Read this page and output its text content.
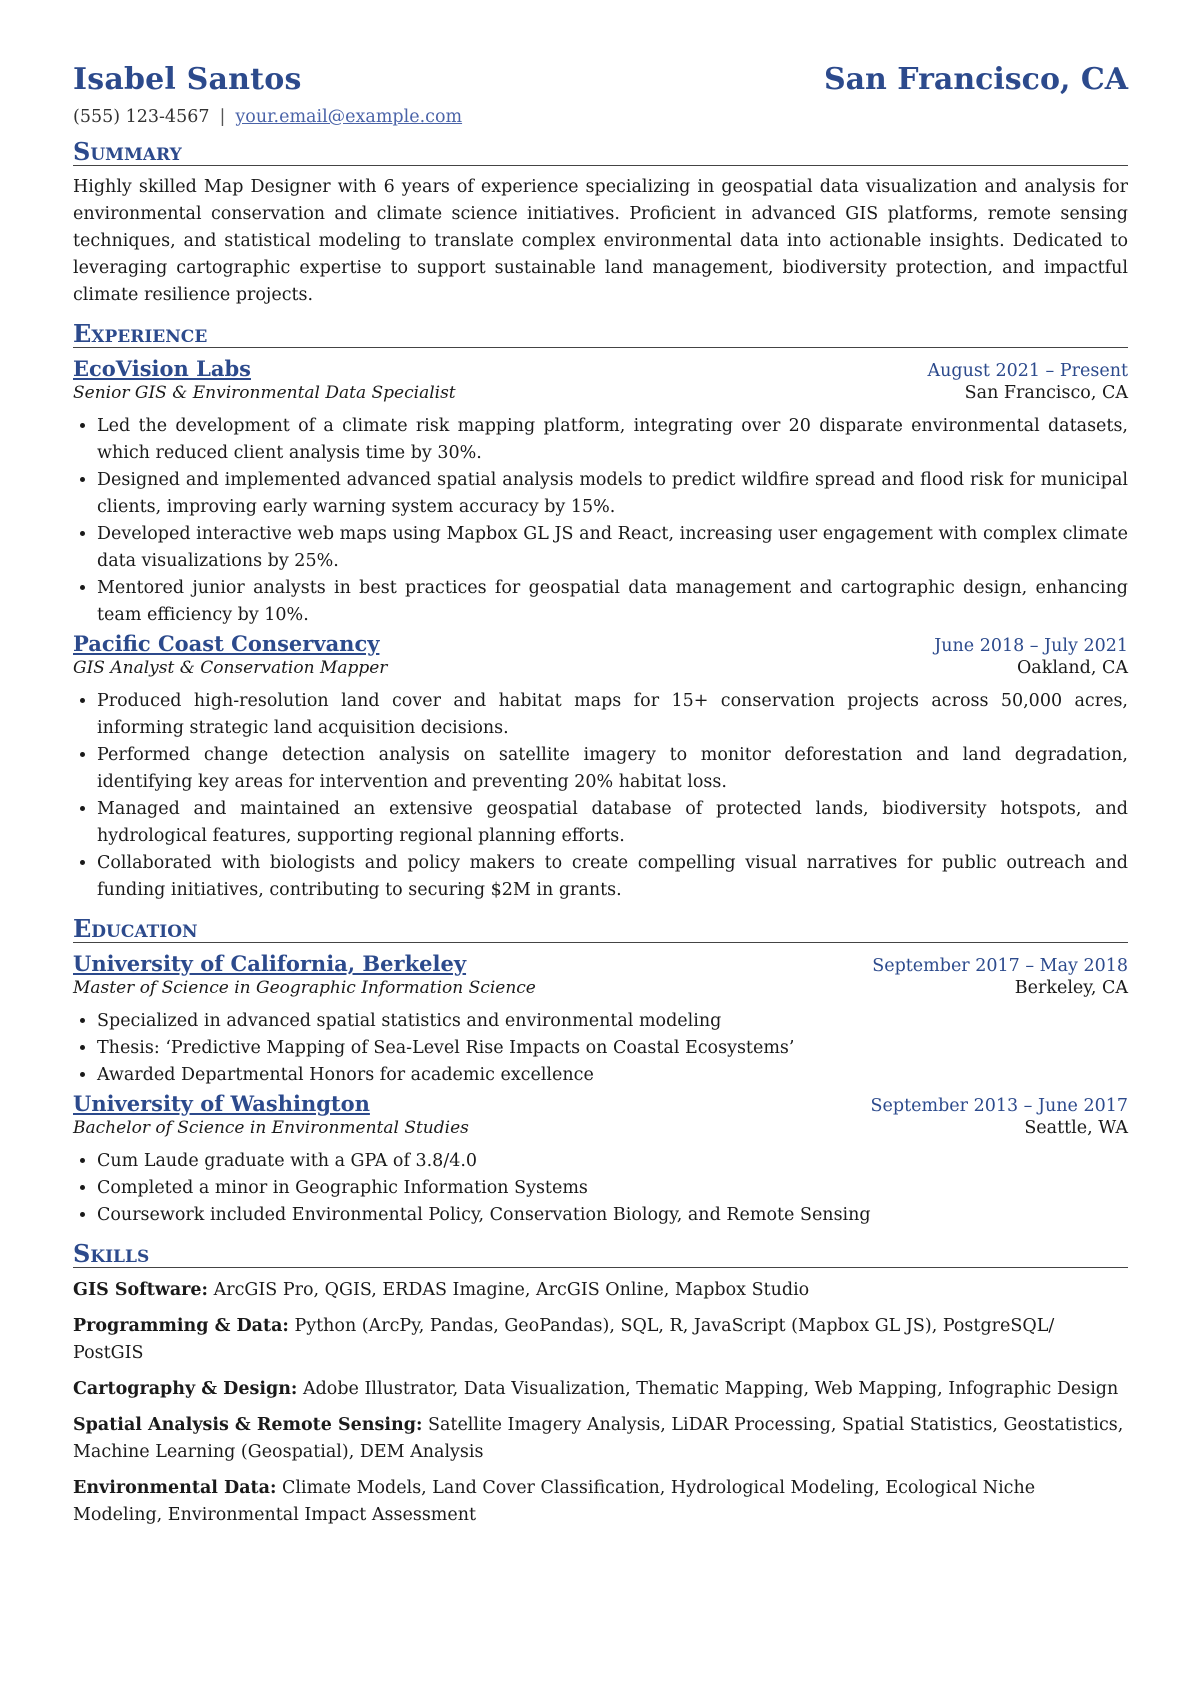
Isabel Santos	San Francisco, CA
(555) 123-4567 | your.email@example.com
Summary
Highly skilled Map Designer with 6 years of experience specializing in geospatial data visualization and analysis for environmental conservation and climate science initiatives. Proficient in advanced GIS platforms, remote sensing techniques, and statistical modeling to translate complex environmental data into actionable insights. Dedicated to leveraging cartographic expertise to support sustainable land management, biodiversity protection, and impactful climate resilience projects.
Experience
EcoVision Labs	August 2021 – Present
Senior GIS & Environmental Data Specialist	San Francisco, CA
• Led the development of a climate risk mapping platform, integrating over 20 disparate environmental datasets, which reduced client analysis time by 30%.
• Designed and implemented advanced spatial analysis models to predict wildfire spread and flood risk for municipal clients, improving early warning system accuracy by 15%.
• Developed interactive web maps using Mapbox GL JS and React, increasing user engagement with complex climate data visualizations by 25%.
• Mentored junior analysts in best practices for geospatial data management and cartographic design, enhancing team efficiency by 10%.
Pacific Coast Conservancy	June 2018 – July 2021
GIS Analyst & Conservation Mapper	Oakland, CA
• Produced high-resolution land cover and habitat maps for 15+ conservation projects across 50,000 acres, informing strategic land acquisition decisions.
• Performed change detection analysis on satellite imagery to monitor deforestation and land degradation, identifying key areas for intervention and preventing 20% habitat loss.
• Managed and maintained an extensive geospatial database of protected lands, biodiversity hotspots, and hydrological features, supporting regional planning efforts.
• Collaborated with biologists and policy makers to create compelling visual narratives for public outreach and funding initiatives, contributing to securing $2M in grants.
Education
University of California, Berkeley	September 2017 – May 2018
Master of Science in Geographic Information Science	Berkeley, CA
• Specialized in advanced spatial statistics and environmental modeling
• Thesis: ‘Predictive Mapping of Sea-Level Rise Impacts on Coastal Ecosystems’
• Awarded Departmental Honors for academic excellence
University of Washington	September 2013 – June 2017
Bachelor of Science in Environmental Studies	Seattle, WA
• Cum Laude graduate with a GPA of 3.8/4.0
• Completed a minor in Geographic Information Systems
• Coursework included Environmental Policy, Conservation Biology, and Remote Sensing
Skills
GIS Software: ArcGIS Pro, QGIS, ERDAS Imagine, ArcGIS Online, Mapbox Studio
Programming & Data: Python (ArcPy, Pandas, GeoPandas), SQL, R, JavaScript (Mapbox GL JS), PostgreSQL/ PostGIS
Cartography & Design: Adobe Illustrator, Data Visualization, Thematic Mapping, Web Mapping, Infographic Design
Spatial Analysis & Remote Sensing: Satellite Imagery Analysis, LiDAR Processing, Spatial Statistics, Geostatistics, Machine Learning (Geospatial), DEM Analysis
Environmental Data: Climate Models, Land Cover Classification, Hydrological Modeling, Ecological Niche Modeling, Environmental Impact Assessment
